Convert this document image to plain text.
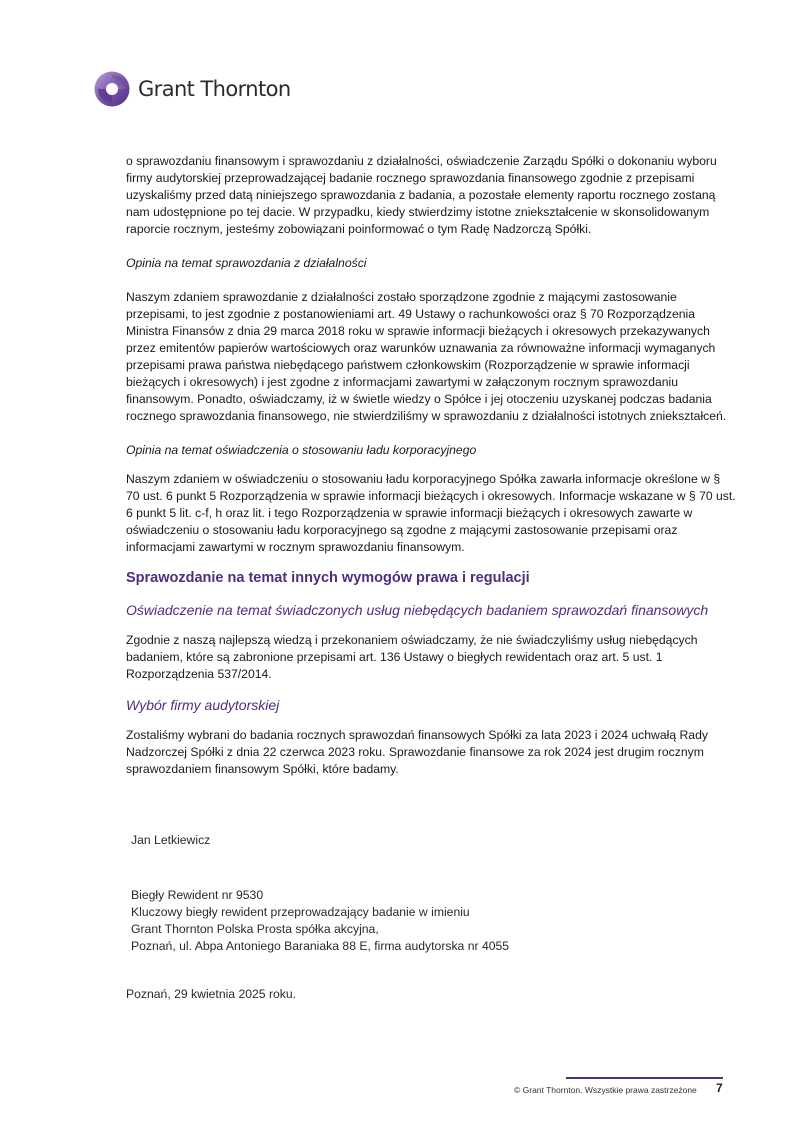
Grant Thornton

o sprawozdaniu finansowym i sprawozdaniu z działalności, oświadczenie Zarządu Spółki o dokonaniu wyboru firmy audytorskiej przeprowadzającej badanie rocznego sprawozdania finansowego zgodnie z przepisami uzyskaliśmy przed datą niniejszego sprawozdania z badania, a pozostałe elementy raportu rocznego zostaną nam udostępnione po tej dacie. W przypadku, kiedy stwierdzimy istotne zniekształcenie w skonsolidowanym raporcie rocznym, jesteśmy zobowiązani poinformować o tym Radę Nadzorczą Spółki.

Opinia na temat sprawozdania z działalności

Naszym zdaniem sprawozdanie z działalności zostało sporządzone zgodnie z mającymi zastosowanie przepisami, to jest zgodnie z postanowieniami art. 49 Ustawy o rachunkowości oraz § 70 Rozporządzenia Ministra Finansów z dnia 29 marca 2018 roku w sprawie informacji bieżących i okresowych przekazywanych przez emitentów papierów wartościowych oraz warunków uznawania za równoważne informacji wymaganych przepisami prawa państwa niebędącego państwem członkowskim (Rozporządzenie w sprawie informacji bieżących i okresowych) i jest zgodne z informacjami zawartymi w załączonym rocznym sprawozdaniu finansowym. Ponadto, oświadczamy, iż w świetle wiedzy o Spółce i jej otoczeniu uzyskanej podczas badania rocznego sprawozdania finansowego, nie stwierdziliśmy w sprawozdaniu z działalności istotnych zniekształceń.

Opinia na temat oświadczenia o stosowaniu ładu korporacyjnego

Naszym zdaniem w oświadczeniu o stosowaniu ładu korporacyjnego Spółka zawarła informacje określone w § 70 ust. 6 punkt 5 Rozporządzenia w sprawie informacji bieżących i okresowych. Informacje wskazane w § 70 ust. 6 punkt 5 lit. c-f, h oraz lit. i tego Rozporządzenia w sprawie informacji bieżących i okresowych zawarte w oświadczeniu o stosowaniu ładu korporacyjnego są zgodne z mającymi zastosowanie przepisami oraz informacjami zawartymi w rocznym sprawozdaniu finansowym.

Sprawozdanie na temat innych wymogów prawa i regulacji

Oświadczenie na temat świadczonych usług niebędących badaniem sprawozdań finansowych

Zgodnie z naszą najlepszą wiedzą i przekonaniem oświadczamy, że nie świadczyliśmy usług niebędących badaniem, które są zabronione przepisami art. 136 Ustawy o biegłych rewidentach oraz art. 5 ust. 1 Rozporządzenia 537/2014.

Wybór firmy audytorskiej

Zostaliśmy wybrani do badania rocznych sprawozdań finansowych Spółki za lata 2023 i 2024 uchwałą Rady Nadzorczej Spółki z dnia 22 czerwca 2023 roku. Sprawozdanie finansowe za rok 2024 jest drugim rocznym sprawozdaniem finansowym Spółki, które badamy.

Jan Letkiewicz

Biegły Rewident nr 9530

Kluczowy biegły rewident przeprowadzający badanie w imieniu

Grant Thornton Polska Prosta spółka akcyjna,

Poznań, ul. Abpa Antoniego Baraniaka 88 E, firma audytorska nr 4055

Poznań, 29 kwietnia 2025 roku.

© Grant Thornton. Wszystkie prawa zastrzeżone 7
